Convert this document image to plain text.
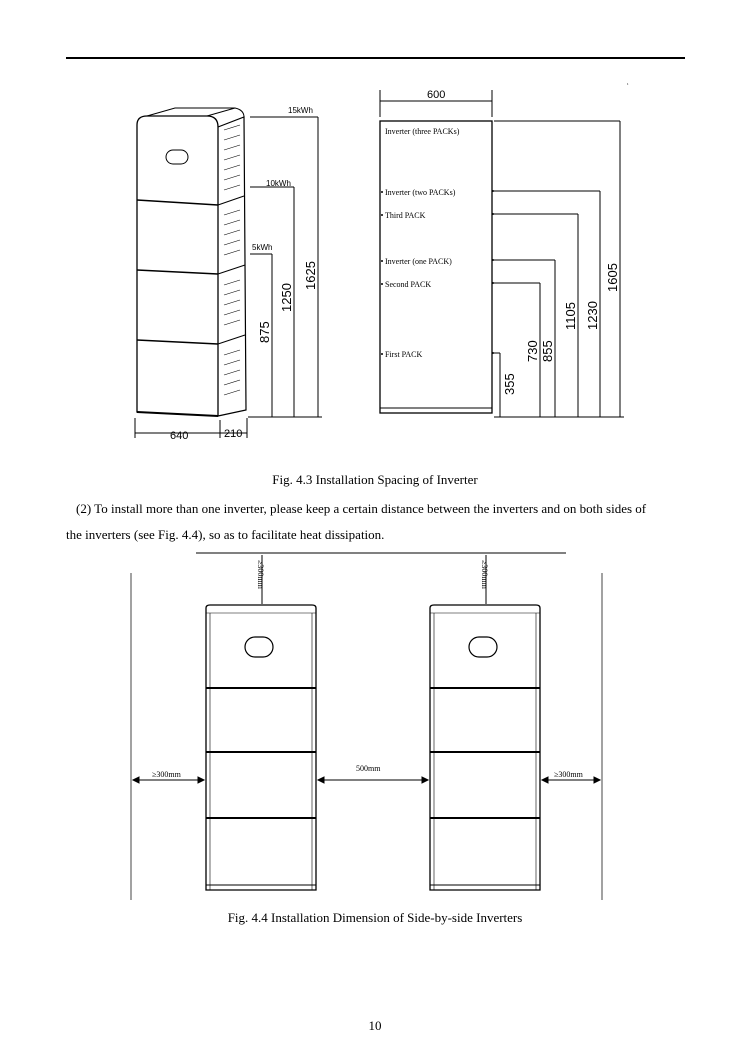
15kWh
10kWh
5kWh
1625
1250
875
640	210
600
‘
Inverter (three PACKs)
Inverter (two PACKs)
Third PACK
Inverter (one PACK)
Second PACK
First PACK
1605
1230
1105
855
730
355
Fig. 4.3 Installation Spacing of Inverter
(2) To install more than one inverter, please keep a certain distance between the inverters and on both sides of
the inverters (see Fig. 4.4), so as to facilitate heat dissipation.
≥300mm	≥300mm
≥300mm
500mm
≥300mm
Fig. 4.4 Installation Dimension of Side-by-side Inverters
10
